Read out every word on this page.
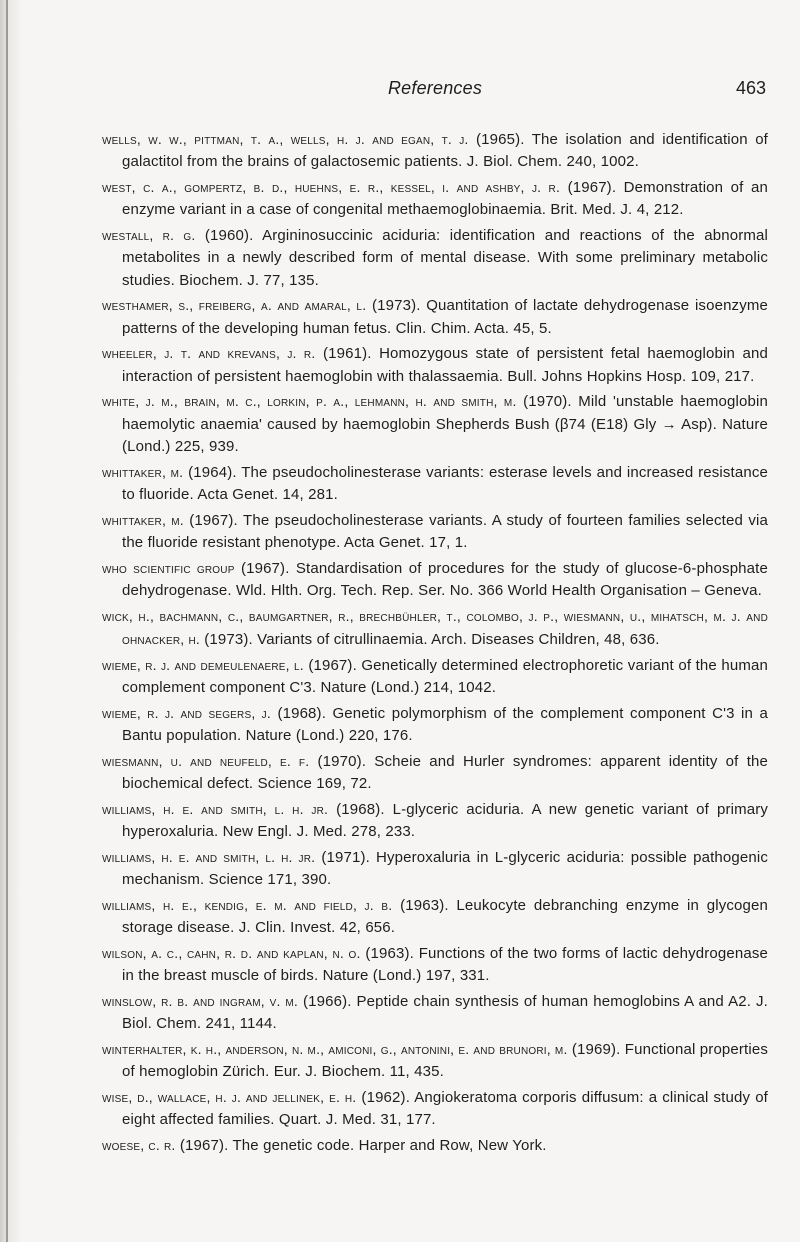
References	463

wells, w. w., pittman, t. a., wells, h. j. and egan, t. j. (1965). The isolation and identification of galactitol from the brains of galactosemic patients. J. Biol. Chem. 240, 1002.

west, c. a., gompertz, b. d., huehns, e. r., kessel, i. and ashby, j. r. (1967). Demonstration of an enzyme variant in a case of congenital methaemoglobinaemia. Brit. Med. J. 4, 212.

westall, r. g. (1960). Argininosuccinic aciduria: identification and reactions of the abnormal metabolites in a newly described form of mental disease. With some preliminary metabolic studies. Biochem. J. 77, 135.

westhamer, s., freiberg, a. and amaral, l. (1973). Quantitation of lactate dehydrogenase isoenzyme patterns of the developing human fetus. Clin. Chim. Acta. 45, 5.

wheeler, j. t. and krevans, j. r. (1961). Homozygous state of persistent fetal haemoglobin and interaction of persistent haemoglobin with thalassaemia. Bull. Johns Hopkins Hosp. 109, 217.

white, j. m., brain, m. c., lorkin, p. a., lehmann, h. and smith, m. (1970). Mild 'unstable haemoglobin haemolytic anaemia' caused by haemoglobin Shepherds Bush (β74 (E18) Gly → Asp). Nature (Lond.) 225, 939.

whittaker, m. (1964). The pseudocholinesterase variants: esterase levels and increased resistance to fluoride. Acta Genet. 14, 281.

whittaker, m. (1967). The pseudocholinesterase variants. A study of fourteen families selected via the fluoride resistant phenotype. Acta Genet. 17, 1.

who scientific group (1967). Standardisation of procedures for the study of glucose-6-phosphate dehydrogenase. Wld. Hlth. Org. Tech. Rep. Ser. No. 366 World Health Organisation – Geneva.

wick, h., bachmann, c., baumgartner, r., brechbühler, t., colombo, j. p., wiesmann, u., mihatsch, m. j. and ohnacker, h. (1973). Variants of citrullinaemia. Arch. Diseases Children, 48, 636.

wieme, r. j. and demeulenaere, l. (1967). Genetically determined electrophoretic variant of the human complement component C'3. Nature (Lond.) 214, 1042.

wieme, r. j. and segers, j. (1968). Genetic polymorphism of the complement component C'3 in a Bantu population. Nature (Lond.) 220, 176.

wiesmann, u. and neufeld, e. f. (1970). Scheie and Hurler syndromes: apparent identity of the biochemical defect. Science 169, 72.

williams, h. e. and smith, l. h. jr. (1968). L-glyceric aciduria. A new genetic variant of primary hyperoxaluria. New Engl. J. Med. 278, 233.

williams, h. e. and smith, l. h. jr. (1971). Hyperoxaluria in L-glyceric aciduria: possible pathogenic mechanism. Science 171, 390.

williams, h. e., kendig, e. m. and field, j. b. (1963). Leukocyte debranching enzyme in glycogen storage disease. J. Clin. Invest. 42, 656.

wilson, a. c., cahn, r. d. and kaplan, n. o. (1963). Functions of the two forms of lactic dehydrogenase in the breast muscle of birds. Nature (Lond.) 197, 331.

winslow, r. b. and ingram, v. m. (1966). Peptide chain synthesis of human hemoglobins A and A2. J. Biol. Chem. 241, 1144.

winterhalter, k. h., anderson, n. m., amiconi, g., antonini, e. and brunori, m. (1969). Functional properties of hemoglobin Zürich. Eur. J. Biochem. 11, 435.

wise, d., wallace, h. j. and jellinek, e. h. (1962). Angiokeratoma corporis diffusum: a clinical study of eight affected families. Quart. J. Med. 31, 177.

woese, c. r. (1967). The genetic code. Harper and Row, New York.
